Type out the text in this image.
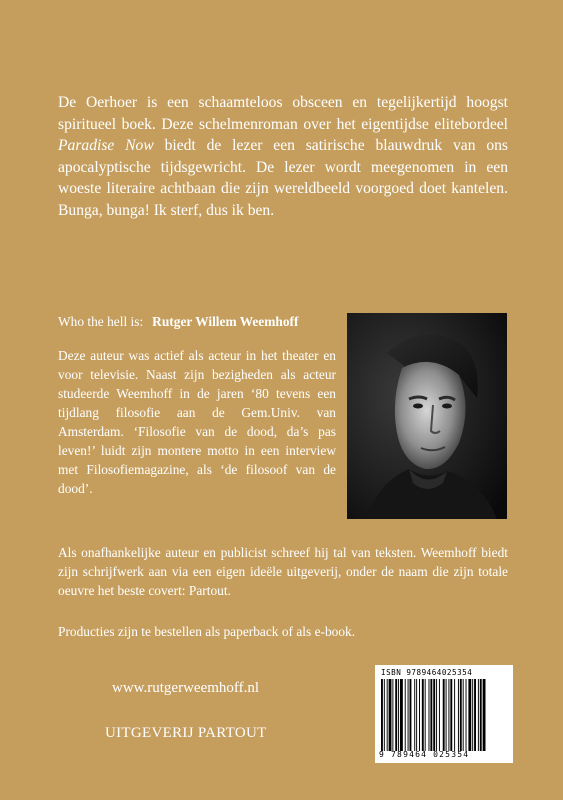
De Oerhoer is een schaamteloos obsceen en tegelijkertijd hoogst spiritueel boek. Deze schelmenroman over het eigentijdse elitebordeel Paradise Now biedt de lezer een satirische blauwdruk van ons apocalyptische tijdsgewricht. De lezer wordt meegenomen in een woeste literaire achtbaan die zijn wereldbeeld voorgoed doet kantelen. Bunga, bunga! Ik sterf, dus ik ben.

Who the hell is: Rutger Willem Weemhoff

Deze auteur was actief als acteur in het theater en voor televisie. Naast zijn bezigheden als acteur studeerde Weemhoff in de jaren ‘80 tevens een tijdlang filosofie aan de Gem.Univ. van Amsterdam. ‘Filosofie van de dood, da’s pas leven!’ luidt zijn montere motto in een interview met Filosofiemagazine, als ‘de filosoof van de dood’.

Als onafhankelijke auteur en publicist schreef hij tal van teksten. Weemhoff biedt zijn schrijfwerk aan via een eigen ideële uitgeverij, onder de naam die zijn totale oeuvre het beste covert: Partout.

Producties zijn te bestellen als paperback of als e-book.

www.rutgerweemhoff.nl

UITGEVERIJ PARTOUT

ISBN 9789464025354
9 789464 025354
